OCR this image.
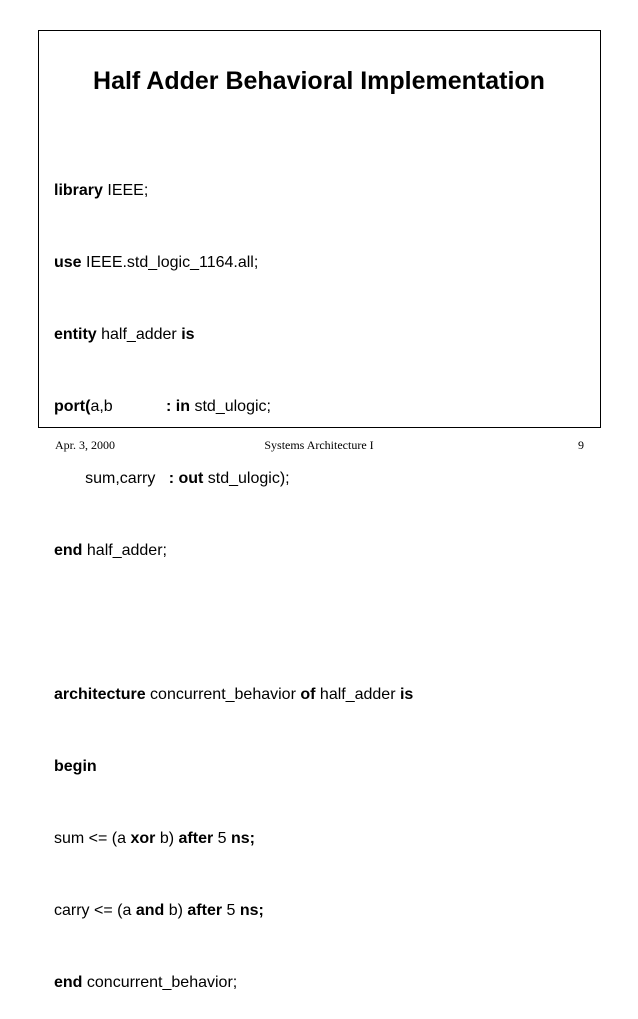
Half Adder Behavioral Implementation

library IEEE;

use IEEE.std_logic_1164.all;

entity half_adder is

port(a,b            : in std_ulogic;

sum,carry   : out std_ulogic);

end half_adder;

architecture concurrent_behavior of half_adder is

begin

sum <= (a xor b) after 5 ns;

carry <= (a and b) after 5 ns;

end concurrent_behavior;

Apr. 3, 2000	Systems Architecture I	9
